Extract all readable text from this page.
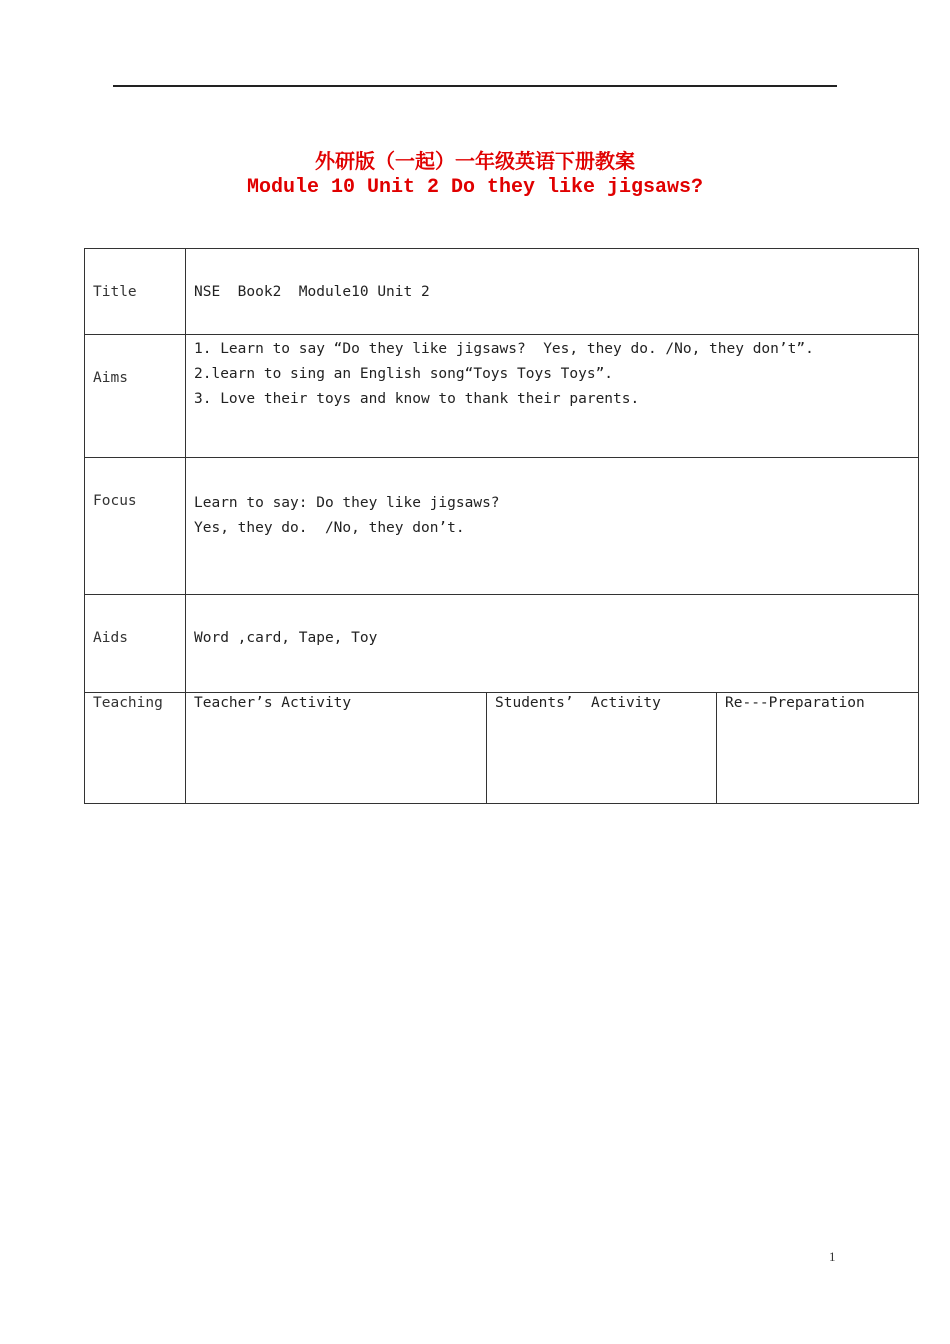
外研版（一起）一年级英语下册教案
Module 10 Unit 2 Do they like jigsaws?
Title	NSE  Book2  Module10 Unit 2		
Aims	1. Learn to say “Do they like jigsaws?  Yes, they do. /No, they don’t”.
2.learn to sing an English song“Toys Toys Toys”.
3. Love their toys and know to thank their parents.		

Focus	Learn to say: Do they like jigsaws?
Yes, they do.  /No, they don’t.		

Aids	Word ,card, Tape, Toy		
Teaching	Teacher’s Activity	Students’  Activity	Re---Preparation
1
